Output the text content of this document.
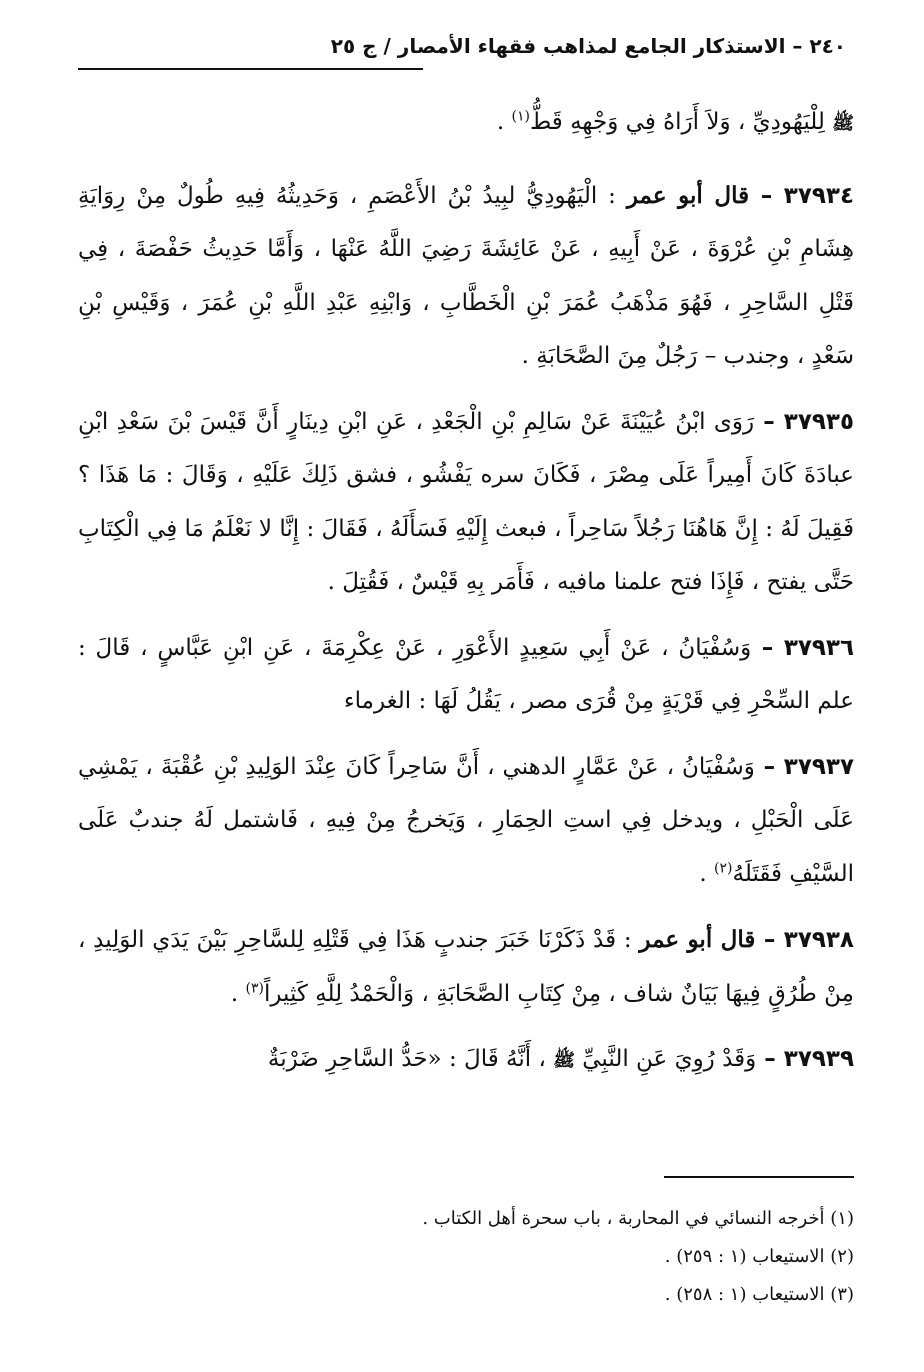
٢٤٠ – الاستذكار الجامع لمذاهب فقهاء الأمصار / ج ٢٥

ﷺ لِلْيَهُودِيِّ ، وَلاَ أَرَاهُ فِي وَجْهِهِ قَطُّ$^{(١)}$ .

٣٧٩٣٤ – قال أبو عمر : الْيَهُودِيُّ لبِيدُ بْنُ الأَعْصَمِ ، وَحَدِيثُهُ فِيهِ طُولٌ مِنْ رِوَايَةِ هِشَامِ بْنِ عُرْوَةَ ، عَنْ أَبِيهِ ، عَنْ عَائِشَةَ رَضِيَ اللَّهُ عَنْهَا ، وَأَمَّا حَدِيثُ حَفْصَةَ ، فِي قَتْلِ السَّاحِرِ ، فَهُوَ مَذْهَبُ عُمَرَ بْنِ الْخَطَّابِ ، وَابْنِهِ عَبْدِ اللَّهِ بْنِ عُمَرَ ، وَقَيْسِ بْنِ سَعْدٍ ، وجندب – رَجُلٌ مِنَ الصَّحَابَةِ .

٣٧٩٣٥ – رَوَى ابْنُ عُيَيْنَةَ عَنْ سَالِمِ بْنِ الْجَعْدِ ، عَنِ ابْنِ دِينَارٍ أَنَّ قَيْسَ بْنَ سَعْدِ ابْنِ عبادَةَ كَانَ أَمِيراً عَلَى مِصْرَ ، فَكَانَ سره يَفْشُو ، فشق ذَلِكَ عَلَيْهِ ، وَقَالَ : مَا هَذَا ؟ فَقِيلَ لَهُ : إِنَّ هَاهُنَا رَجُلاً سَاحِراً ، فبعث إِلَيْهِ فَسَأَلَهُ ، فَقَالَ : إِنَّا لا نَعْلَمُ مَا فِي الْكِتَابِ حَتَّى يفتح ، فَإِذَا فتح علمنا مافيه ، فَأَمَر بِهِ قَيْسٌ ، فَقُتِلَ .

٣٧٩٣٦ – وَسُفْيَانُ ، عَنْ أَبِي سَعِيدٍ الأَعْوَرِ ، عَنْ عِكْرِمَةَ ، عَنِ ابْنِ عَبَّاسٍ ، قَالَ : علم السِّحْرِ فِي قَرْيَةٍ مِنْ قُرَى مصر ، يَقُلُ لَهَا : الغرماء

٣٧٩٣٧ – وَسُفْيَانُ ، عَنْ عَمَّارٍ الدهني ، أَنَّ سَاحِراً كَانَ عِنْدَ الوَلِيدِ بْنِ عُقْبَةَ ، يَمْشِي عَلَى الْحَبْلِ ، ويدخل فِي استِ الحِمَارِ ، وَيَخرجُ مِنْ فِيهِ ، فَاشتمل لَهُ جندبٌ عَلَى السَّيْفِ فَقَتَلَهُ$^{(٢)}$ .

٣٧٩٣٨ – قال أبو عمر : قَدْ ذَكَرْنَا خَبَرَ جندبٍ هَذَا فِي قَتْلِهِ لِلسَّاحِرِ بَيْنَ يَدَي الوَلِيدِ ، مِنْ طُرُقٍ فِيهَا بَيَانٌ شاف ، مِنْ كِتَابِ الصَّحَابَةِ ، وَالْحَمْدُ لِلَّهِ كَثِيراً$^{(٣)}$ .

٣٧٩٣٩ – وَقَدْ رُوِيَ عَنِ النَّبِيِّ ﷺ ، أَنَّهُ قَالَ : «حَدُّ السَّاحِرِ ضَرْبَةٌ

(١) أخرجه النسائي في المحاربة ، باب سحرة أهل الكتاب .
(٢) الاستيعاب (١ : ٢٥٩) .
(٣) الاستيعاب (١ : ٢٥٨) .
